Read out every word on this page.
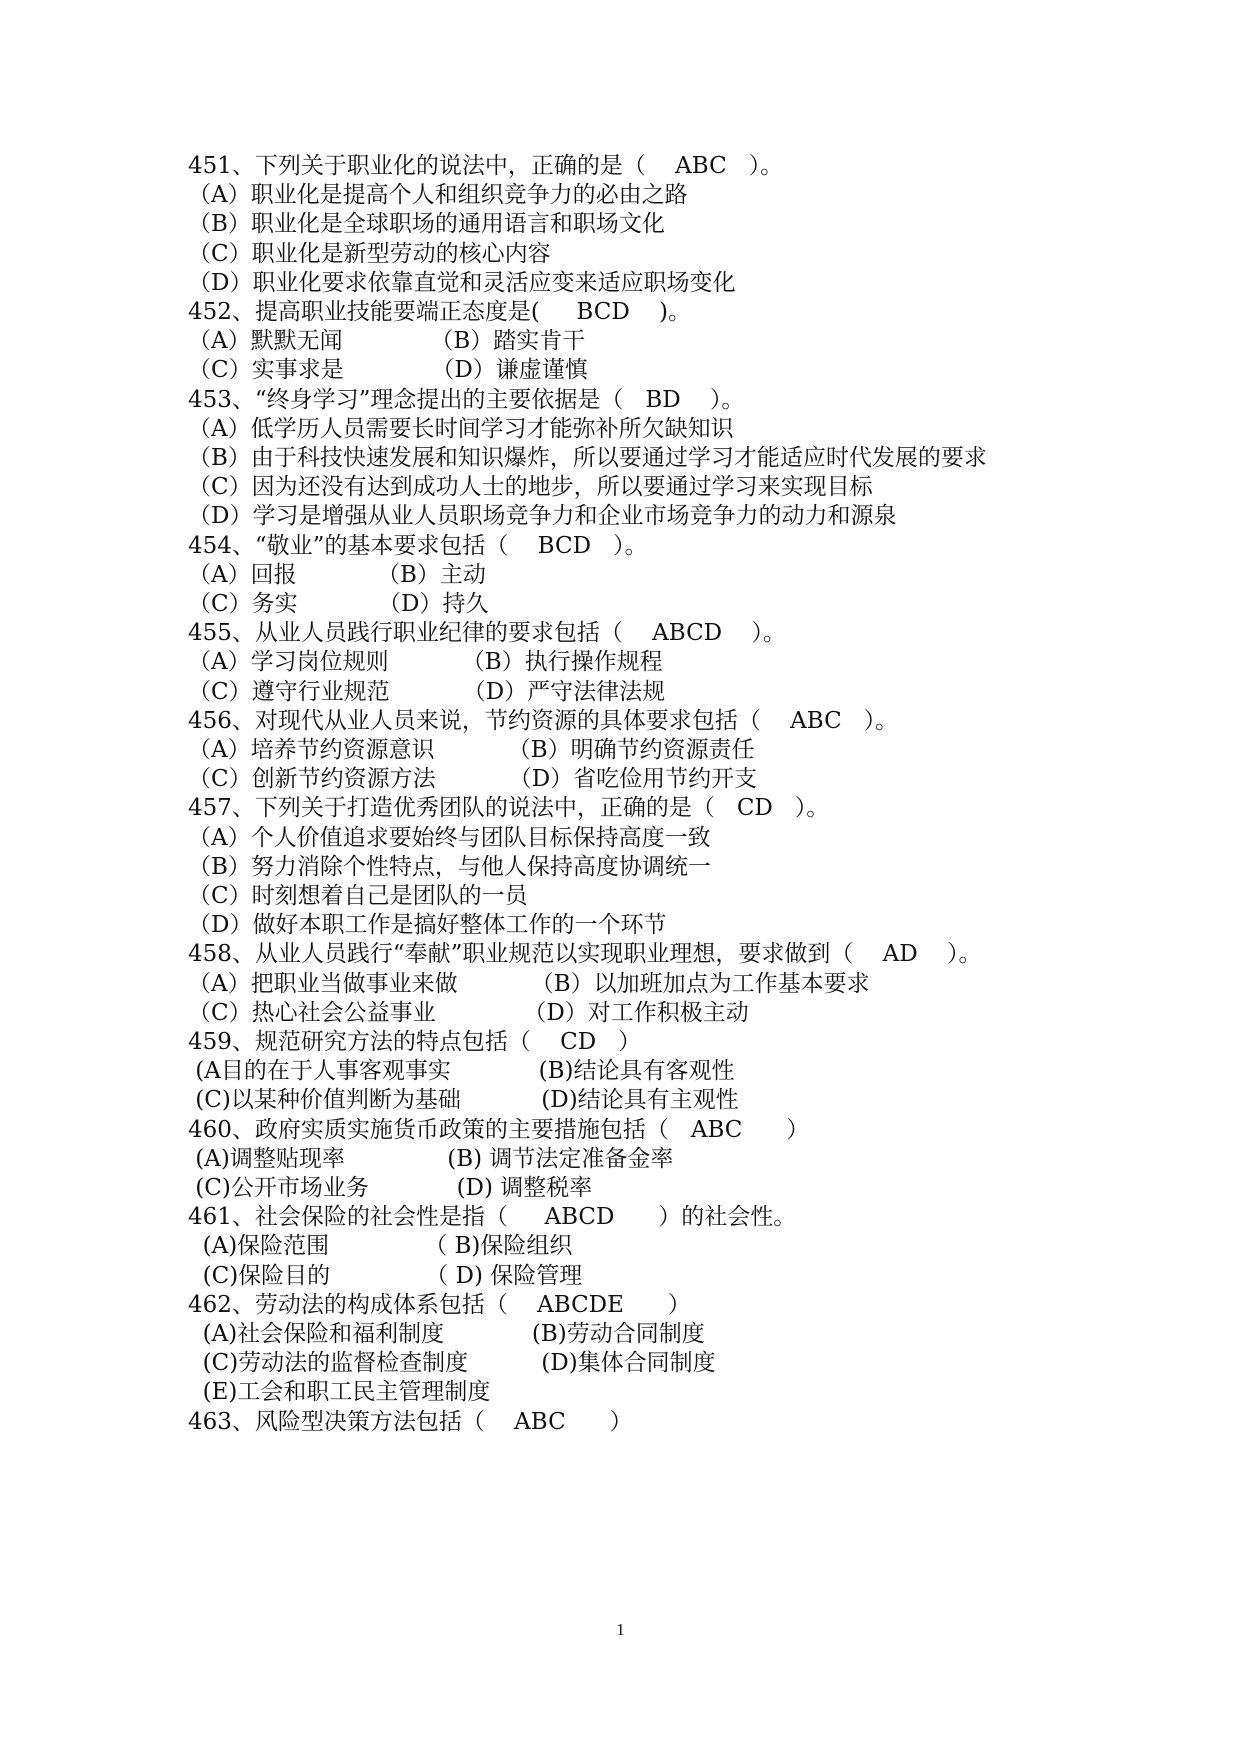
451、下列关于职业化的说法中，正确的是（    ABC   ）。
（A）职业化是提高个人和组织竞争力的必由之路
（B）职业化是全球职场的通用语言和职场文化
（C）职业化是新型劳动的核心内容
（D）职业化要求依靠直觉和灵活应变来适应职场变化
452、提高职业技能要端正态度是(     BCD    )。
（A）默默无闻            （B）踏实肯干
（C）实事求是            （D）谦虚谨慎
453、“终身学习”理念提出的主要依据是（   BD    ）。
（A）低学历人员需要长时间学习才能弥补所欠缺知识
（B）由于科技快速发展和知识爆炸，所以要通过学习才能适应时代发展的要求
（C）因为还没有达到成功人士的地步，所以要通过学习来实现目标
（D）学习是增强从业人员职场竞争力和企业市场竞争力的动力和源泉
454、“敬业”的基本要求包括（    BCD   ）。
（A）回报           （B）主动
（C）务实           （D）持久
455、从业人员践行职业纪律的要求包括（    ABCD    ）。
（A）学习岗位规则          （B）执行操作规程
（C）遵守行业规范          （D）严守法律法规
456、对现代从业人员来说，节约资源的具体要求包括（    ABC   ）。
（A）培养节约资源意识          （B）明确节约资源责任
（C）创新节约资源方法          （D）省吃俭用节约开支
457、下列关于打造优秀团队的说法中，正确的是（   CD   ）。
（A）个人价值追求要始终与团队目标保持高度一致
（B）努力消除个性特点，与他人保持高度协调统一
（C）时刻想着自己是团队的一员
（D）做好本职工作是搞好整体工作的一个环节
458、从业人员践行“奉献”职业规范以实现职业理想，要求做到（    AD    ）。
（A）把职业当做事业来做          （B）以加班加点为工作基本要求
（C）热心社会公益事业            （D）对工作积极主动
459、规范研究方法的特点包括（    CD   ）
(A目的在于人事客观事实            (B)结论具有客观性
(C)以某种价值判断为基础           (D)结论具有主观性
460、政府实质实施货币政策的主要措施包括（   ABC      ）
(A)调整贴现率              (B) 调节法定准备金率
(C)公开市场业务            (D) 调整税率
461、社会保险的社会性是指（     ABCD      ）的社会性。
(A)保险范围             （ B)保险组织
(C)保险目的             （ D) 保险管理
462、劳动法的构成体系包括（    ABCDE      ）
(A)社会保险和福利制度            (B)劳动合同制度
(C)劳动法的监督检查制度          (D)集体合同制度
(E)工会和职工民主管理制度
463、风险型决策方法包括（    ABC      ）
1
